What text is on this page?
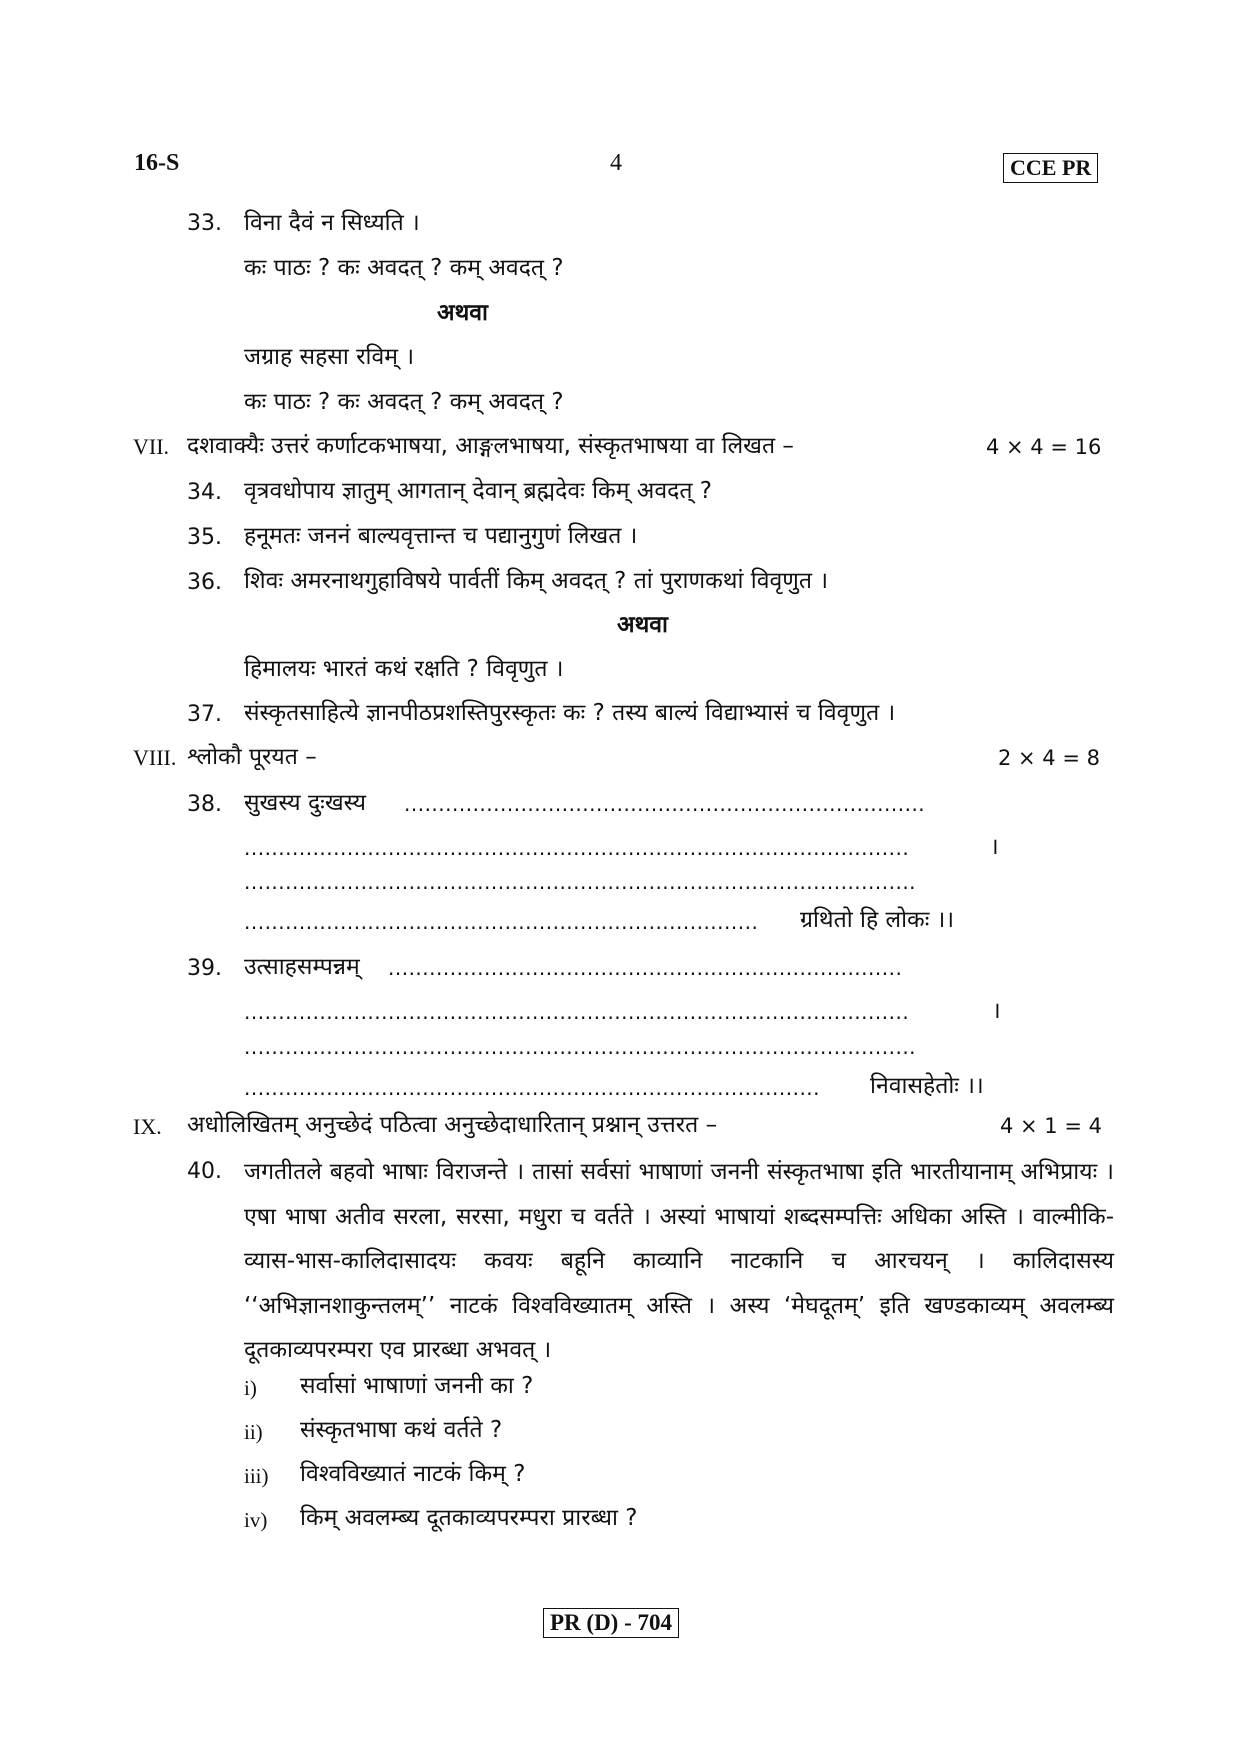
16-S	4	CCE PR
33. विना दैवं न सिध्यति ।
कः पाठः ? कः अवदत् ? कम् अवदत् ?
अथवा
जग्राह सहसा रविम् ।
कः पाठः ? कः अवदत् ? कम् अवदत् ?
VII. दशवाक्यैः उत्तरं कर्णाटकभाषया, आङ्गलभाषया, संस्कृतभाषया वा लिखत –	4 × 4 = 16
34. वृत्रवधोपाय ज्ञातुम् आगतान् देवान् ब्रह्मदेवः किम् अवदत् ?
35. हनूमतः जननं बाल्यवृत्तान्त च पद्यानुगुणं लिखत ।
36. शिवः अमरनाथगुहाविषये पार्वतीं किम् अवदत् ? तां पुराणकथां विवृणुत ।
अथवा
हिमालयः भारतं कथं रक्षति ? विवृणुत ।
37. संस्कृतसाहित्ये ज्ञानपीठप्रशस्तिपुरस्कृतः कः ? तस्य बाल्यं विद्याभ्यासं च विवृणुत ।
VIII. श्लोकौ पूरयत –	2 × 4 = 8
38. सुखस्य दुःखस्य ............................................................................
.................................................................................................	।
..................................................................................................
........................................................................... ग्रथितो हि लोकः ।।
39. उत्साहसम्पन्नम् ...........................................................................
.................................................................................................	।
..................................................................................................
.................................................................................... निवासहेतोः ।।
IX. अधोलिखितम् अनुच्छेदं पठित्वा अनुच्छेदाधारितान् प्रश्नान् उत्तरत –	4 × 1 = 4
40. जगतीतले बहवो भाषाः विराजन्ते । तासां सर्वसां भाषाणां जननी संस्कृतभाषा इति भारतीयानाम् अभिप्रायः । एषा भाषा अतीव सरला, सरसा, मधुरा च वर्तते । अस्यां भाषायां शब्दसम्पत्तिः अधिका अस्ति । वाल्मीकि-व्यास-भास-कालिदासादयः कवयः बहूनि काव्यानि नाटकानि च आरचयन् । कालिदासस्य ‘‘अभिज्ञानशाकुन्तलम्’’ नाटकं विश्वविख्यातम् अस्ति । अस्य ‘मेघदूतम्’ इति खण्डकाव्यम् अवलम्ब्य दूतकाव्यपरम्परा एव प्रारब्धा अभवत् ।
i) सर्वासां भाषाणां जननी का ?
ii) संस्कृतभाषा कथं वर्तते ?
iii) विश्वविख्यातं नाटकं किम् ?
iv) किम् अवलम्ब्य दूतकाव्यपरम्परा प्रारब्धा ?
PR (D) - 704
